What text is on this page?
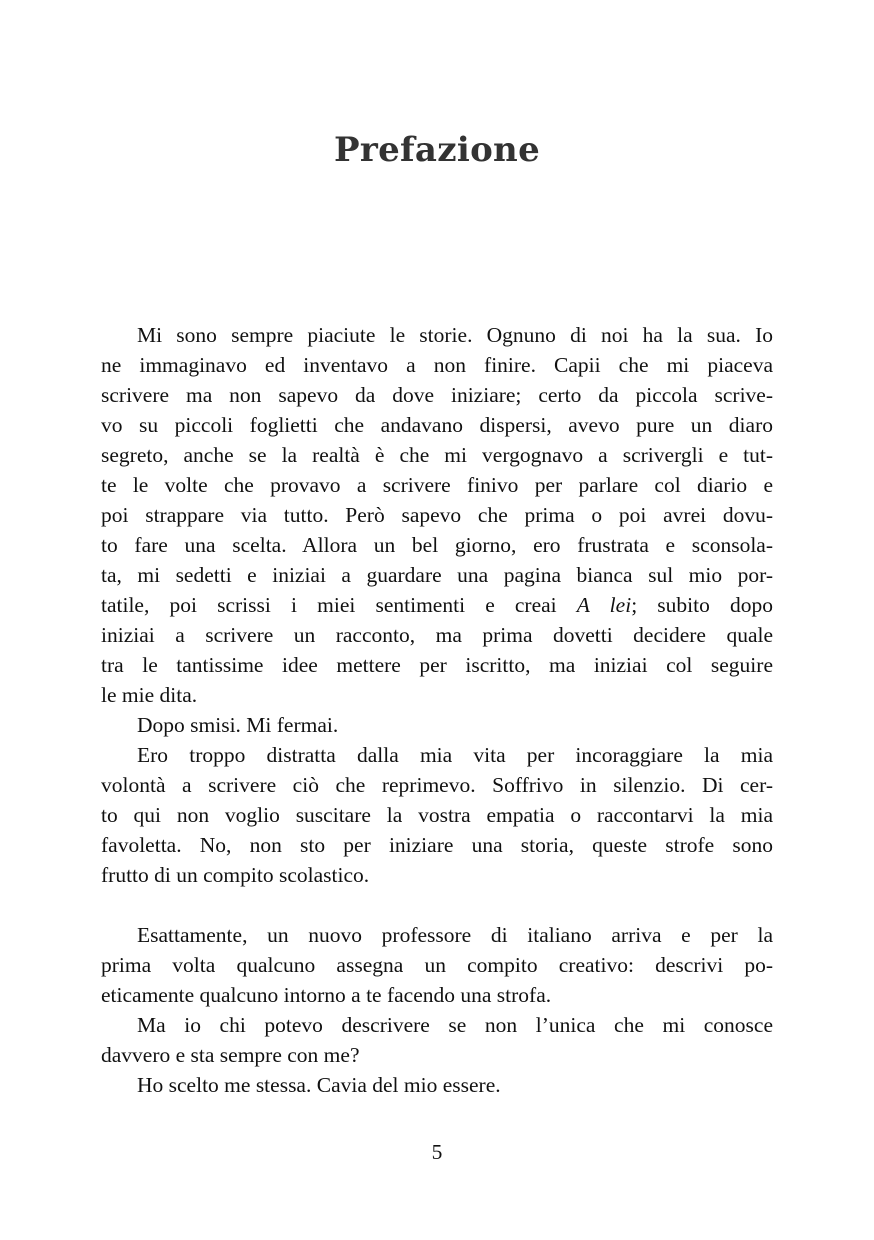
Prefazione
Mi sono sempre piaciute le storie. Ognuno di noi ha la sua. Io
ne immaginavo ed inventavo a non finire. Capii che mi piaceva
scrivere ma non sapevo da dove iniziare; certo da piccola scrive-
vo su piccoli foglietti che andavano dispersi, avevo pure un diaro
segreto, anche se la realtà è che mi vergognavo a scrivergli e tut-
te le volte che provavo a scrivere finivo per parlare col diario e
poi strappare via tutto. Però sapevo che prima o poi avrei dovu-
to fare una scelta. Allora un bel giorno, ero frustrata e sconsola-
ta, mi sedetti e iniziai a guardare una pagina bianca sul mio por-
tatile, poi scrissi i miei sentimenti e creai A lei; subito dopo
iniziai a scrivere un racconto, ma prima dovetti decidere quale
tra le tantissime idee mettere per iscritto, ma iniziai col seguire
le mie dita.
Dopo smisi. Mi fermai.
Ero troppo distratta dalla mia vita per incoraggiare la mia
volontà a scrivere ciò che reprimevo. Soffrivo in silenzio. Di cer-
to qui non voglio suscitare la vostra empatia o raccontarvi la mia
favoletta. No, non sto per iniziare una storia, queste strofe sono
frutto di un compito scolastico.
Esattamente, un nuovo professore di italiano arriva e per la
prima volta qualcuno assegna un compito creativo: descrivi po-
eticamente qualcuno intorno a te facendo una strofa.
Ma io chi potevo descrivere se non l’unica che mi conosce
davvero e sta sempre con me?
Ho scelto me stessa. Cavia del mio essere.
5
